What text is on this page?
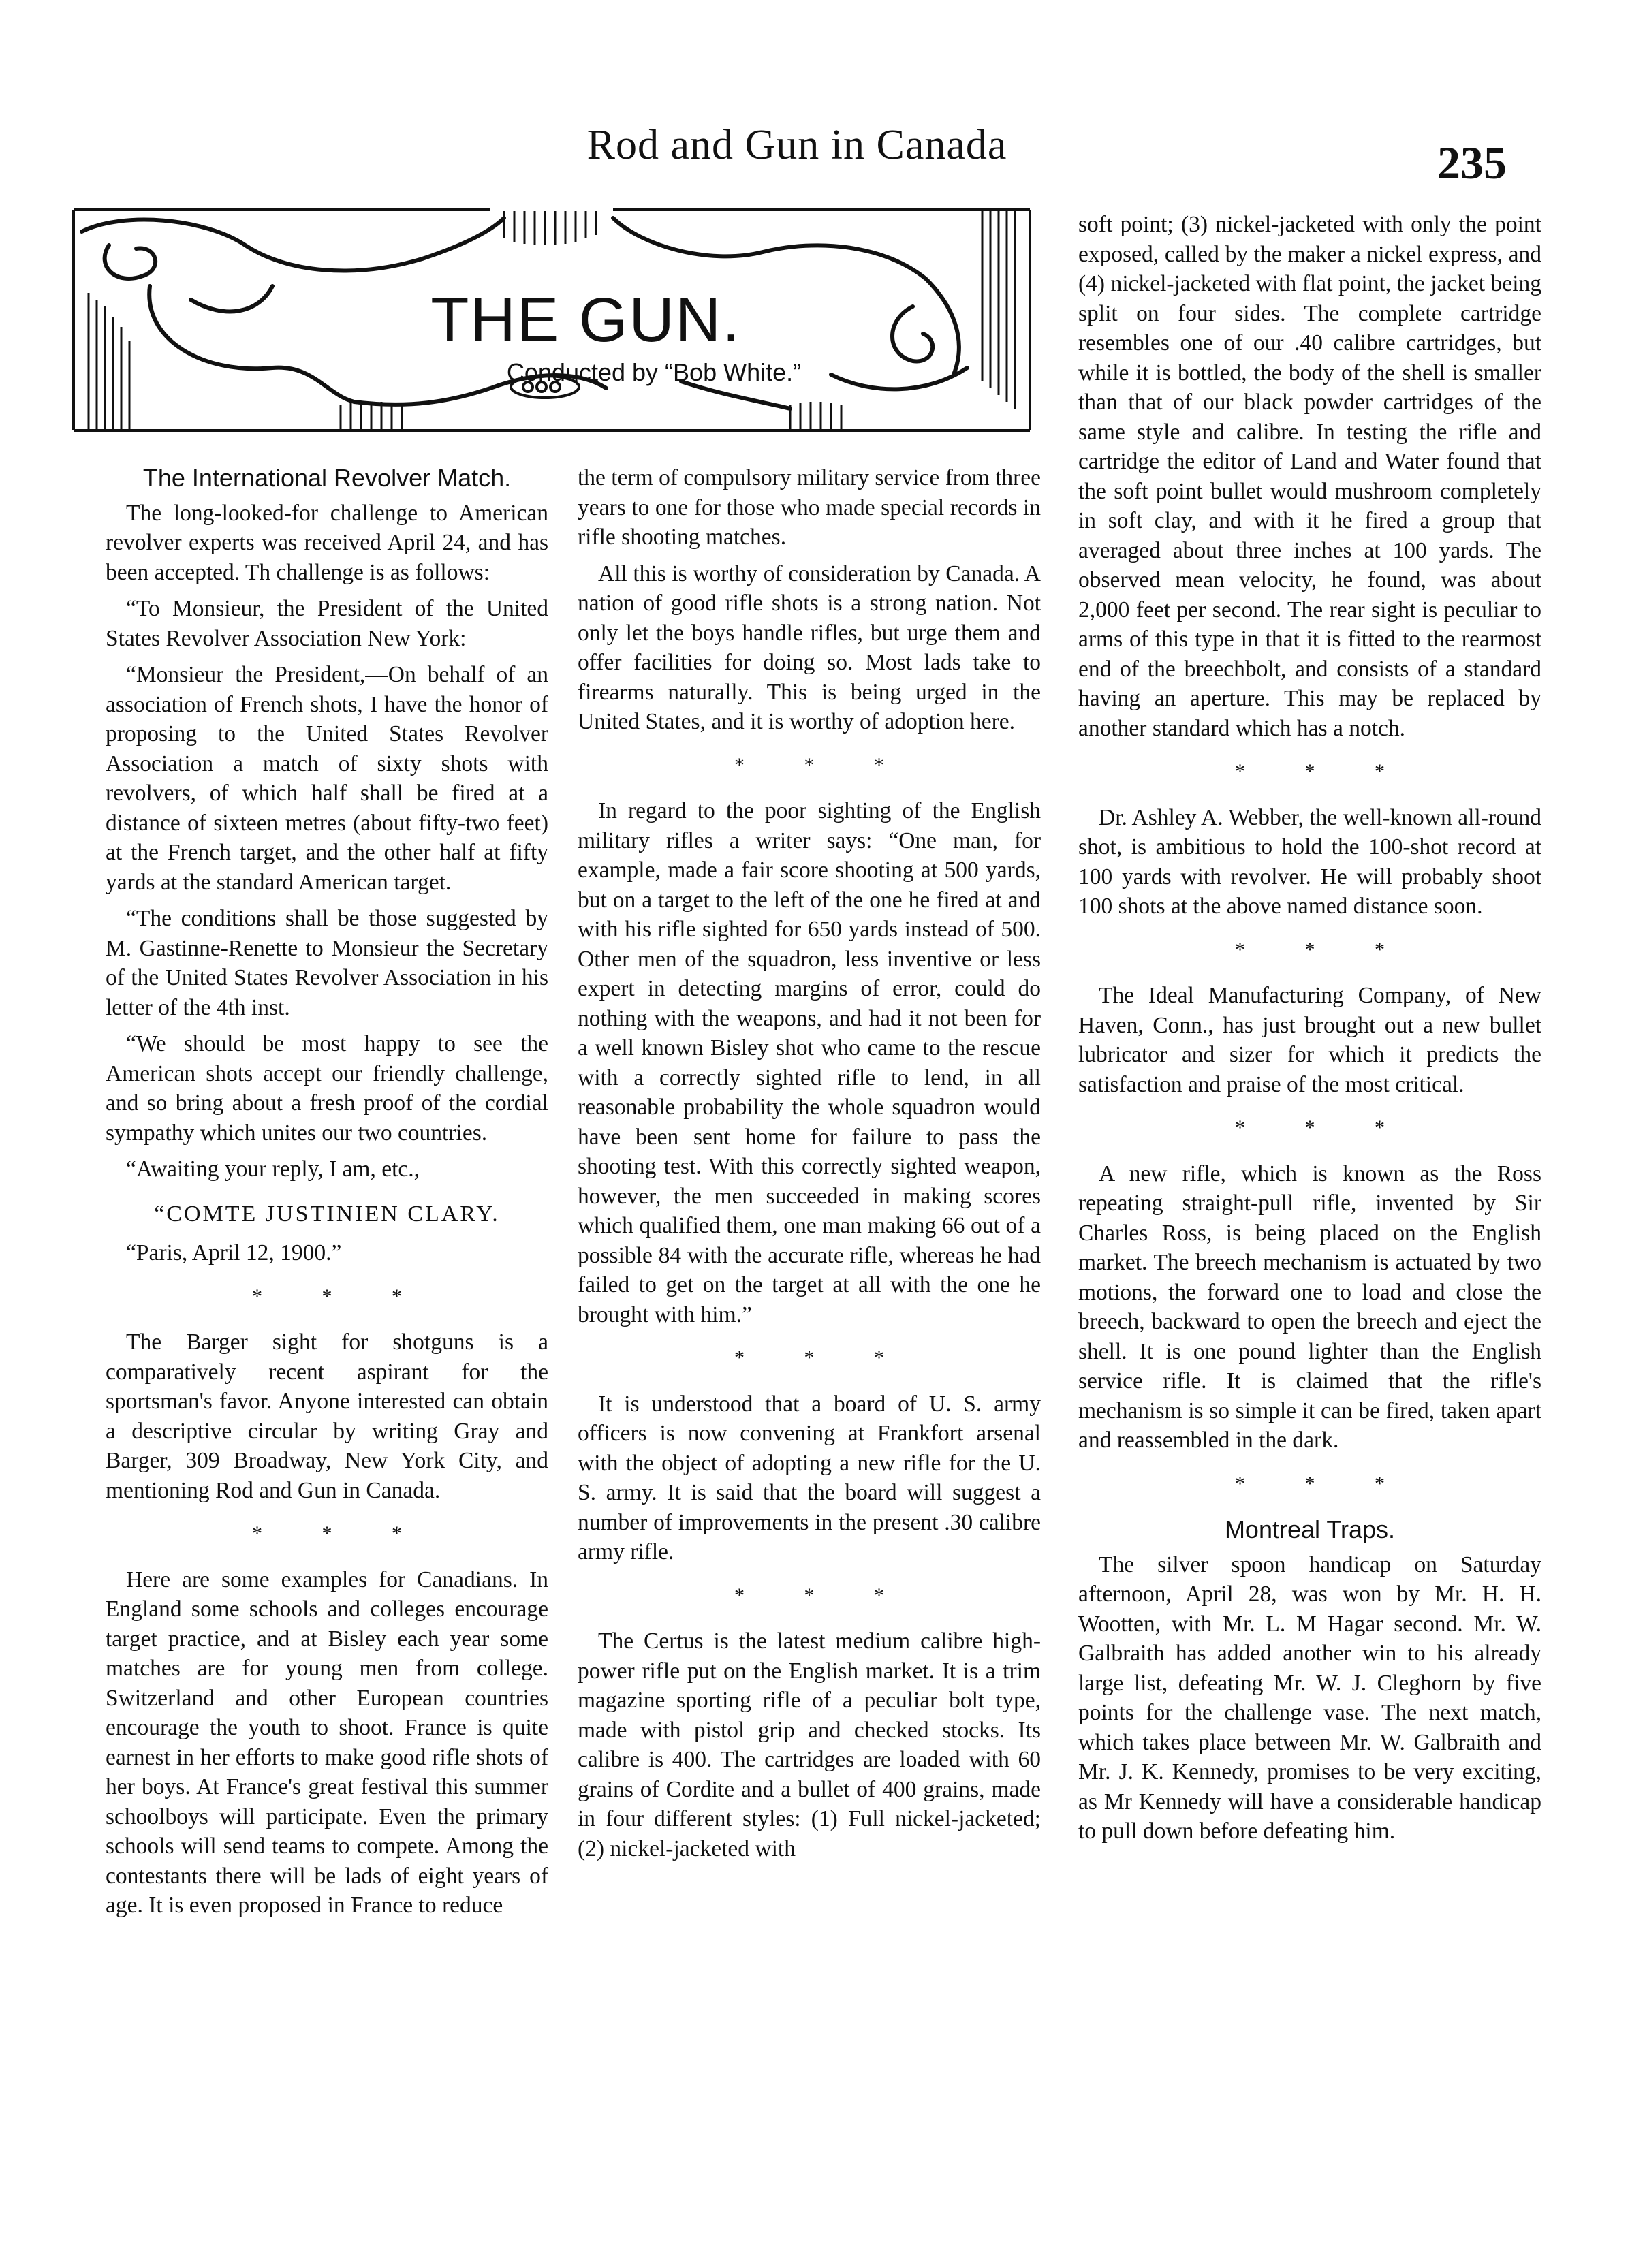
Rod and Gun in Canada	235
THE GUN.
Conducted by “Bob White.”
The International Revolver Match.

The long-looked-for challenge to American revolver experts was received April 24, and has been accepted. Th challenge is as follows:

“To Monsieur, the President of the United States Revolver Association New York:

“Monsieur the President,—On behalf of an association of French shots, I have the honor of proposing to the United States Revolver Association a match of sixty shots with revolvers, of which half shall be fired at a distance of sixteen metres (about fifty-two feet) at the French target, and the other half at fifty yards at the standard American target.

“The conditions shall be those suggested by M. Gastinne-Renette to Monsieur the Secretary of the United States Revolver Association in his letter of the 4th inst.

“We should be most happy to see the American shots accept our friendly challenge, and so bring about a fresh proof of the cordial sympathy which unites our two countries.

“Awaiting your reply, I am, etc.,

“COMTE JUSTINIEN CLARY.

“Paris, April 12, 1900.”

* * *

The Barger sight for shotguns is a comparatively recent aspirant for the sportsman's favor. Anyone interested can obtain a descriptive circular by writing Gray and Barger, 309 Broadway, New York City, and mentioning Rod and Gun in Canada.

* * *

Here are some examples for Canadians. In England some schools and colleges encourage target practice, and at Bisley each year some matches are for young men from college. Switzerland and other European countries encourage the youth to shoot. France is quite earnest in her efforts to make good rifle shots of her boys. At France's great festival this summer schoolboys will participate. Even the primary schools will send teams to compete. Among the contestants there will be lads of eight years of age. It is even proposed in France to reduce

the term of compulsory military service from three years to one for those who made special records in rifle shooting matches.

All this is worthy of consideration by Canada. A nation of good rifle shots is a strong nation. Not only let the boys handle rifles, but urge them and offer facilities for doing so. Most lads take to firearms naturally. This is being urged in the United States, and it is worthy of adoption here.

* * *

In regard to the poor sighting of the English military rifles a writer says: “One man, for example, made a fair score shooting at 500 yards, but on a target to the left of the one he fired at and with his rifle sighted for 650 yards instead of 500. Other men of the squadron, less inventive or less expert in detecting margins of error, could do nothing with the weapons, and had it not been for a well known Bisley shot who came to the rescue with a correctly sighted rifle to lend, in all reasonable probability the whole squadron would have been sent home for failure to pass the shooting test. With this correctly sighted weapon, however, the men succeeded in making scores which qualified them, one man making 66 out of a possible 84 with the accurate rifle, whereas he had failed to get on the target at all with the one he brought with him.”

* * *

It is understood that a board of U. S. army officers is now convening at Frankfort arsenal with the object of adopting a new rifle for the U. S. army. It is said that the board will suggest a number of improvements in the present .30 calibre army rifle.

* * *

The Certus is the latest medium calibre high-power rifle put on the English market. It is a trim magazine sporting rifle of a peculiar bolt type, made with pistol grip and checked stocks. Its calibre is 400. The cartridges are loaded with 60 grains of Cordite and a bullet of 400 grains, made in four different styles: (1) Full nickel-jacketed; (2) nickel-jacketed with

soft point; (3) nickel-jacketed with only the point exposed, called by the maker a nickel express, and (4) nickel-jacketed with flat point, the jacket being split on four sides. The complete cartridge resembles one of our .40 calibre cartridges, but while it is bottled, the body of the shell is smaller than that of our black powder cartridges of the same style and calibre. In testing the rifle and cartridge the editor of Land and Water found that the soft point bullet would mushroom completely in soft clay, and with it he fired a group that averaged about three inches at 100 yards. The observed mean velocity, he found, was about 2,000 feet per second. The rear sight is peculiar to arms of this type in that it is fitted to the rearmost end of the breechbolt, and consists of a standard having an aperture. This may be replaced by another standard which has a notch.

* * *

Dr. Ashley A. Webber, the well-known all-round shot, is ambitious to hold the 100-shot record at 100 yards with revolver. He will probably shoot 100 shots at the above named distance soon.

* * *

The Ideal Manufacturing Company, of New Haven, Conn., has just brought out a new bullet lubricator and sizer for which it predicts the satisfaction and praise of the most critical.

* * *

A new rifle, which is known as the Ross repeating straight-pull rifle, invented by Sir Charles Ross, is being placed on the English market. The breech mechanism is actuated by two motions, the forward one to load and close the breech, backward to open the breech and eject the shell. It is one pound lighter than the English service rifle. It is claimed that the rifle's mechanism is so simple it can be fired, taken apart and reassembled in the dark.

* * *
Montreal Traps.

The silver spoon handicap on Saturday afternoon, April 28, was won by Mr. H. H. Wootten, with Mr. L. M Hagar second. Mr. W. Galbraith has added another win to his already large list, defeating Mr. W. J. Cleghorn by five points for the challenge vase. The next match, which takes place between Mr. W. Galbraith and Mr. J. K. Kennedy, promises to be very exciting, as Mr Kennedy will have a considerable handicap to pull down before defeating him.
